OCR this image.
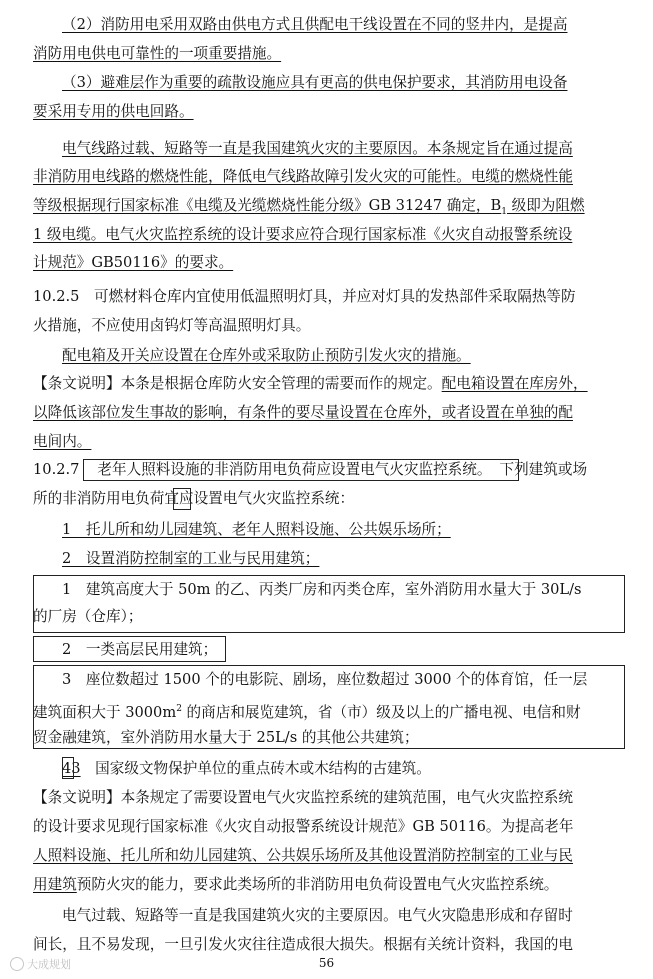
（2）消防用电采用双路由供电方式且供配电干线设置在不同的竖井内，是提高
消防用电供电可靠性的一项重要措施。
（3）避难层作为重要的疏散设施应具有更高的供电保护要求，其消防用电设备
要采用专用的供电回路。
电气线路过载、短路等一直是我国建筑火灾的主要原因。本条规定旨在通过提高
非消防用电线路的燃烧性能，降低电气线路故障引发火灾的可能性。电缆的燃烧性能
等级根据现行国家标准《电缆及光缆燃烧性能分级》GB 31247 确定，$B_1$ 级即为阻燃
1 级电缆。电气火灾监控系统的设计要求应符合现行国家标准《火灾自动报警系统设
计规范》GB50116》的要求。
10.2.5　可燃材料仓库内宜使用低温照明灯具，并应对灯具的发热部件采取隔热等防
火措施，不应使用卤钨灯等高温照明灯具。
配电箱及开关应设置在仓库外或采取防止预防引发火灾的措施。
【条文说明】本条是根据仓库防火安全管理的需要而作的规定。配电箱设置在库房外，
以降低该部位发生事故的影响，有条件的要尽量设置在仓库外，或者设置在单独的配
电间内。
10.2.7 老年人照料设施的非消防用电负荷应设置电气火灾监控系统。 下列建筑或场
所的非消防用电负荷宜应设置电气火灾监控系统：
1　托儿所和幼儿园建筑、老年人照料设施、公共娱乐场所；
2　设置消防控制室的工业与民用建筑；
1　建筑高度大于 50m 的乙、丙类厂房和丙类仓库，室外消防用水量大于 30L/s
的厂房（仓库）；
2　一类高层民用建筑；
3　座位数超过 1500 个的电影院、剧场，座位数超过 3000 个的体育馆，任一层
建筑面积大于 $3000m^2$ 的商店和展览建筑，省（市）级及以上的广播电视、电信和财
贸金融建筑，室外消防用水量大于 25L/s 的其他公共建筑；
43　国家级文物保护单位的重点砖木或木结构的古建筑。
【条文说明】本条规定了需要设置电气火灾监控系统的建筑范围，电气火灾监控系统
的设计要求见现行国家标准《火灾自动报警系统设计规范》GB 50116。为提高老年
人照料设施、托儿所和幼儿园建筑、公共娱乐场所及其他设置消防控制室的工业与民
用建筑预防火灾的能力，要求此类场所的非消防用电负荷设置电气火灾监控系统。
电气过载、短路等一直是我国建筑火灾的主要原因。电气火灾隐患形成和存留时
间长，且不易发现，一旦引发火灾往往造成很大损失。根据有关统计资料，我国的电
大成规划	56
